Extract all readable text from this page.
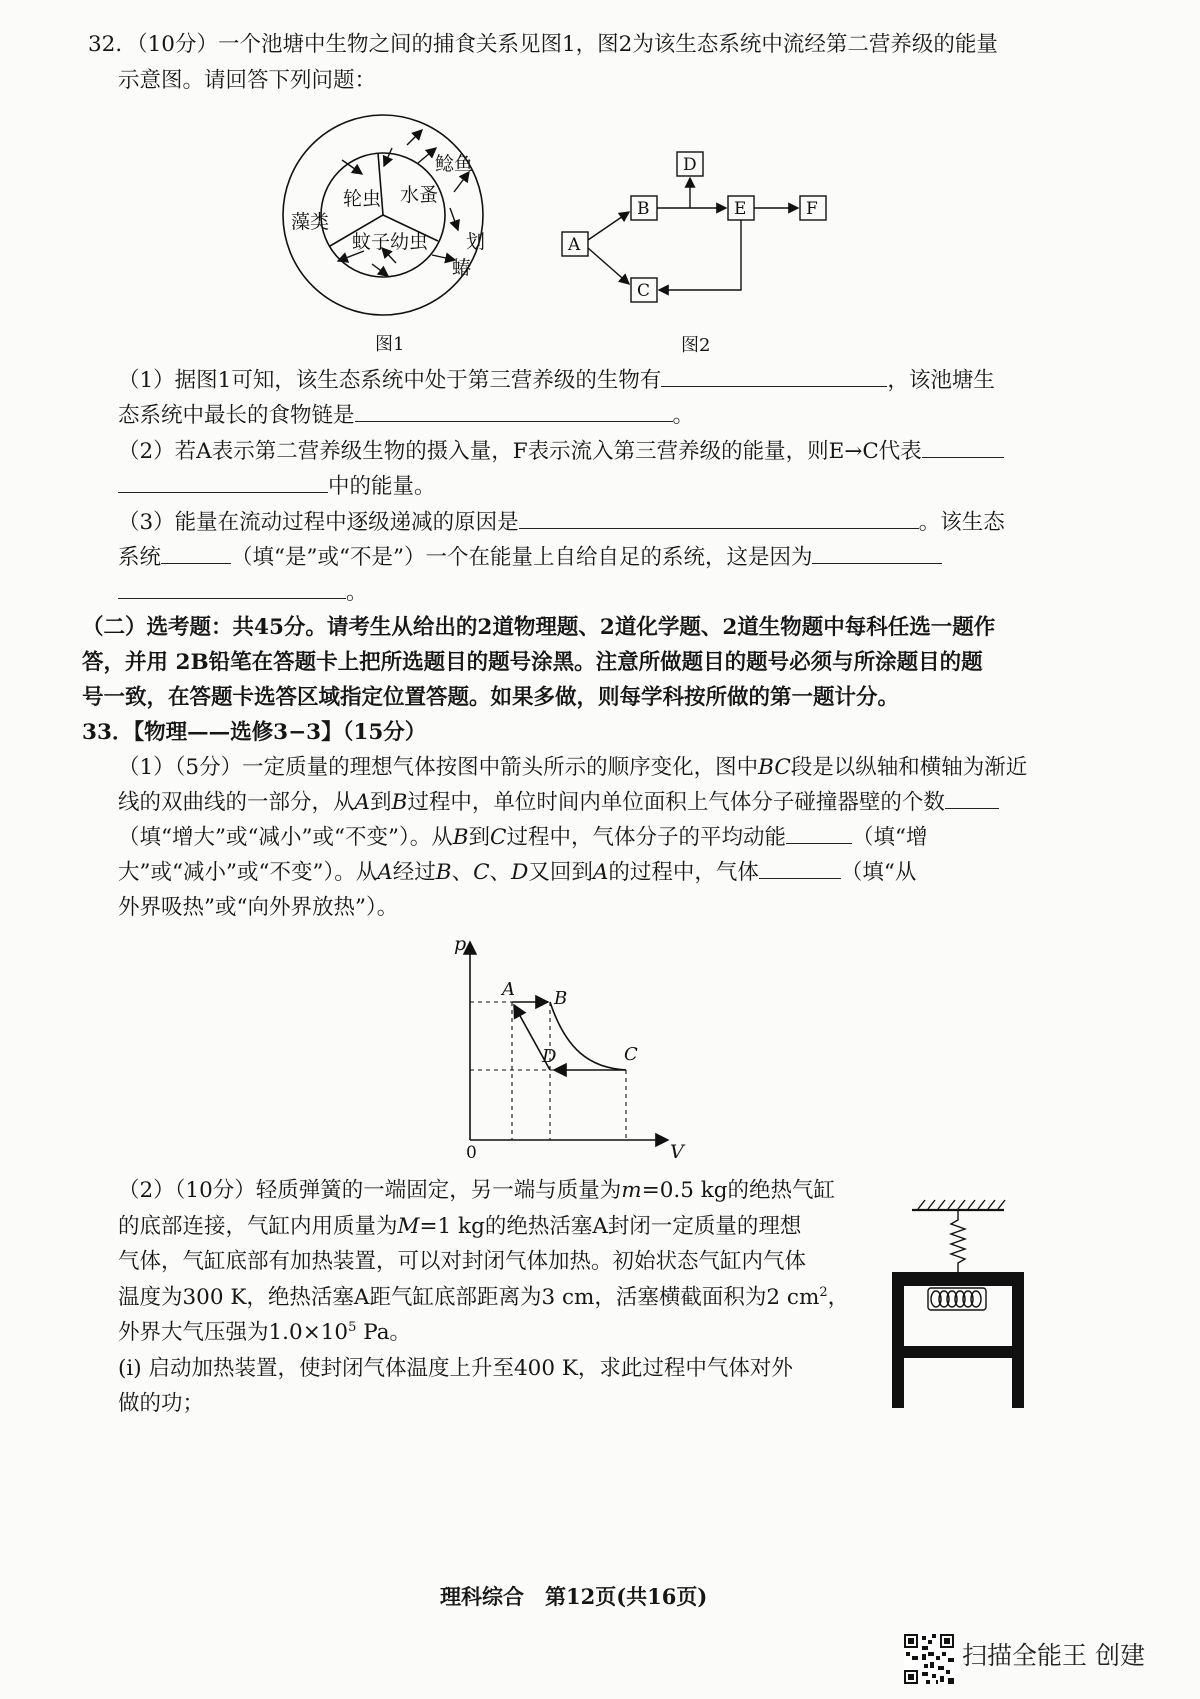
32．（10分）一个池塘中生物之间的捕食关系见图1，图2为该生态系统中流经第二营养级的能量
示意图。请回答下列问题：
藻类
轮虫 水蚤
蚊子幼虫
鲶鱼
划
蝽
图1
A
B
C
D
E	F
图2
（1）据图1可知，该生态系统中处于第三营养级的生物有	，该池塘生
态系统中最长的食物链是	。
（2）若A表示第二营养级生物的摄入量，F表示流入第三营养级的能量，则E→C代表
中的能量。
（3）能量在流动过程中逐级递减的原因是	。该生态
系统	（填“是”或“不是”）一个在能量上自给自足的系统，这是因为
。
（二）选考题：共45分。请考生从给出的2道物理题、2道化学题、2道生物题中每科任选一题作
答，并用 2B铅笔在答题卡上把所选题目的题号涂黑。注意所做题目的题号必须与所涂题目的题
号一致，在答题卡选答区域指定位置答题。如果多做，则每学科按所做的第一题计分。
33．【物理——选修3−3】（15分）
（1）（5分）一定质量的理想气体按图中箭头所示的顺序变化，图中BC段是以纵轴和横轴为渐近
线的双曲线的一部分，从A到B过程中，单位时间内单位面积上气体分子碰撞器壁的个数
（填“增大”或“减小”或“不变”）。从B到C过程中，气体分子的平均动能	（填“增
大”或“减小”或“不变”）。从A经过B、C、D又回到A的过程中，气体	（填“从
外界吸热”或“向外界放热”）。
p
V
0
A B
C
D
（2）（10分）轻质弹簧的一端固定，另一端与质量为m=0.5 kg的绝热气缸
的底部连接，气缸内用质量为M=1 kg的绝热活塞A封闭一定质量的理想
气体，气缸底部有加热装置，可以对封闭气体加热。初始状态气缸内气体
温度为300 K，绝热活塞A距气缸底部距离为3 cm，活塞横截面积为2 $cm^2$，
外界大气压强为$1.0\times 10^5$ Pa。
(i) 启动加热装置，使封闭气体温度上升至400 K，求此过程中气体对外
做的功；
理科综合　第12页(共16页)
扫描全能王 创建
